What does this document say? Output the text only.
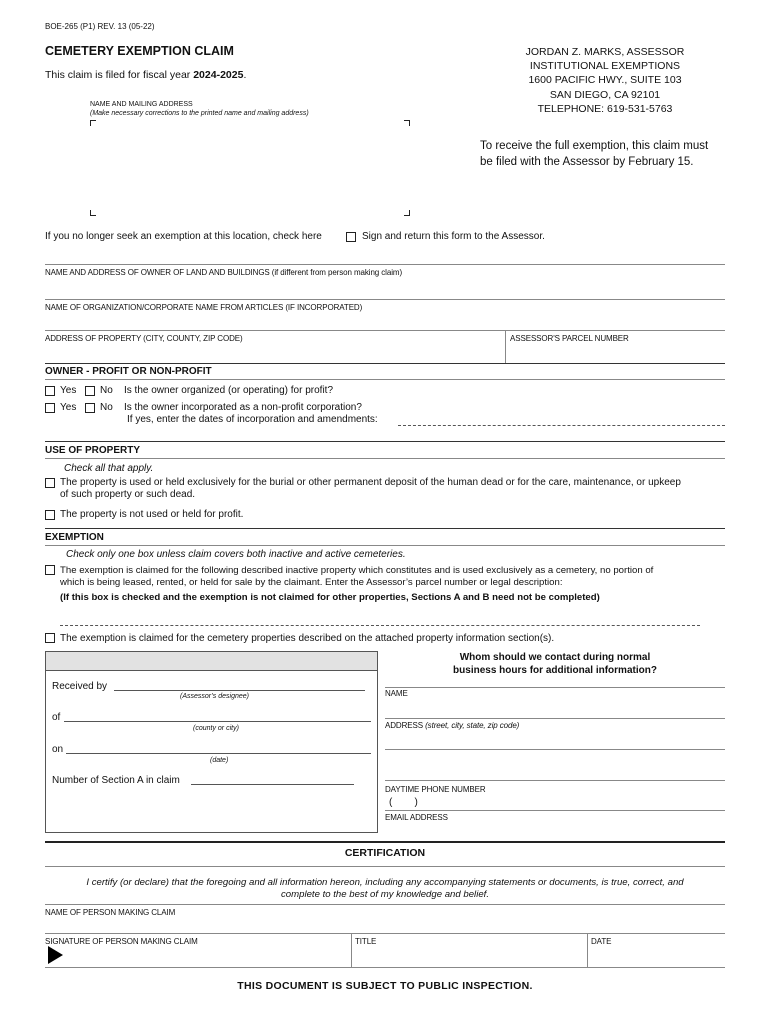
BOE-265 (P1) REV. 13 (05-22)
CEMETERY EXEMPTION CLAIM
This claim is filed for fiscal year 2024-2025.
NAME AND MAILING ADDRESS
(Make necessary corrections to the printed name and mailing address)
JORDAN Z. MARKS, ASSESSOR
INSTITUTIONAL EXEMPTIONS
1600 PACIFIC HWY., SUITE 103
SAN DIEGO, CA 92101
TELEPHONE: 619-531-5763
To receive the full exemption, this claim must
be filed with the Assessor by February 15.
If you no longer seek an exemption at this location, check here	Sign and return this form to the Assessor.
NAME AND ADDRESS OF OWNER OF LAND AND BUILDINGS (if different from person making claim)
NAME OF ORGANIZATION/CORPORATE NAME FROM ARTICLES (IF INCORPORATED)
ADDRESS OF PROPERTY (CITY, COUNTY, ZIP CODE)	ASSESSOR'S PARCEL NUMBER
OWNER - PROFIT OR NON-PROFIT
Yes No Is the owner organized (or operating) for profit?
Yes No Is the owner incorporated as a non-profit corporation?
If yes, enter the dates of incorporation and amendments:
USE OF PROPERTY
Check all that apply.
The property is used or held exclusively for the burial or other permanent deposit of the human dead or for the care, maintenance, or upkeep
of such property or such dead.
The property is not used or held for profit.
EXEMPTION
Check only one box unless claim covers both inactive and active cemeteries.
The exemption is claimed for the following described inactive property which constitutes and is used exclusively as a cemetery, no portion of
which is being leased, rented, or held for sale by the claimant. Enter the Assessor’s parcel number or legal description:
(If this box is checked and the exemption is not claimed for other properties, Sections A and B need not be completed)
The exemption is claimed for the cemetery properties described on the attached property information section(s).
Received by
(Assessor’s designee)
of
(county or city)
on
(date)
Number of Section A in claim
Whom should we contact during normal
business hours for additional information?
NAME
ADDRESS (street, city, state, zip code)
DAYTIME PHONE NUMBER
(        )
EMAIL ADDRESS
CERTIFICATION
I certify (or declare) that the foregoing and all information hereon, including any accompanying statements or documents, is true, correct, and
complete to the best of my knowledge and belief.
NAME OF PERSON MAKING CLAIM
SIGNATURE OF PERSON MAKING CLAIM	TITLE	DATE
THIS DOCUMENT IS SUBJECT TO PUBLIC INSPECTION.
